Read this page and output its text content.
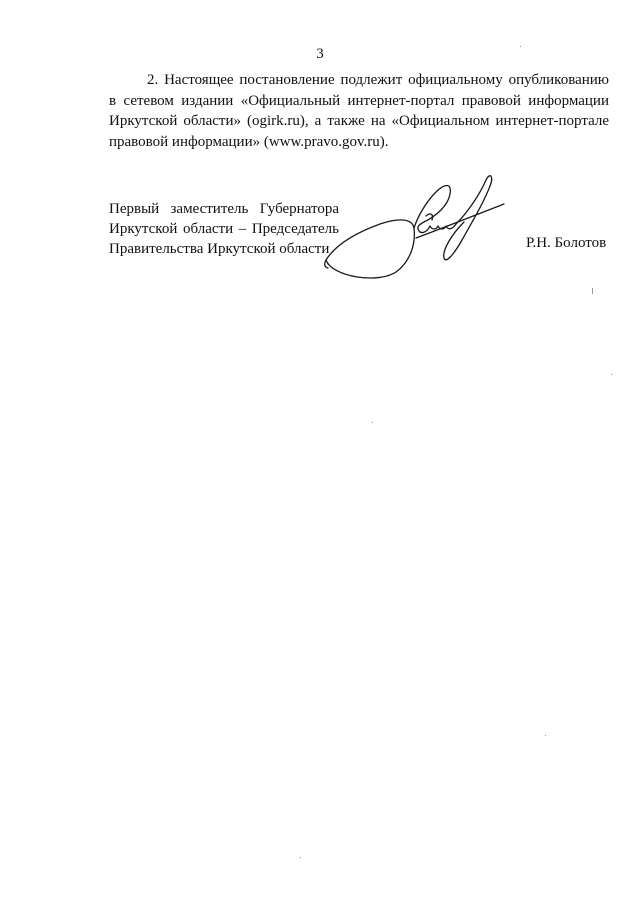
3

2. Настоящее постановление подлежит официальному опубликованию в сетевом издании «Официальный интернет-портал правовой информации Иркутской области» (ogirk.ru), а также на «Официальном интернет-портале правовой информации» (www.pravo.gov.ru).

Первый заместитель Губернатора
Иркутской области – Председатель
Правительства Иркутской области	Р.Н. Болотов
